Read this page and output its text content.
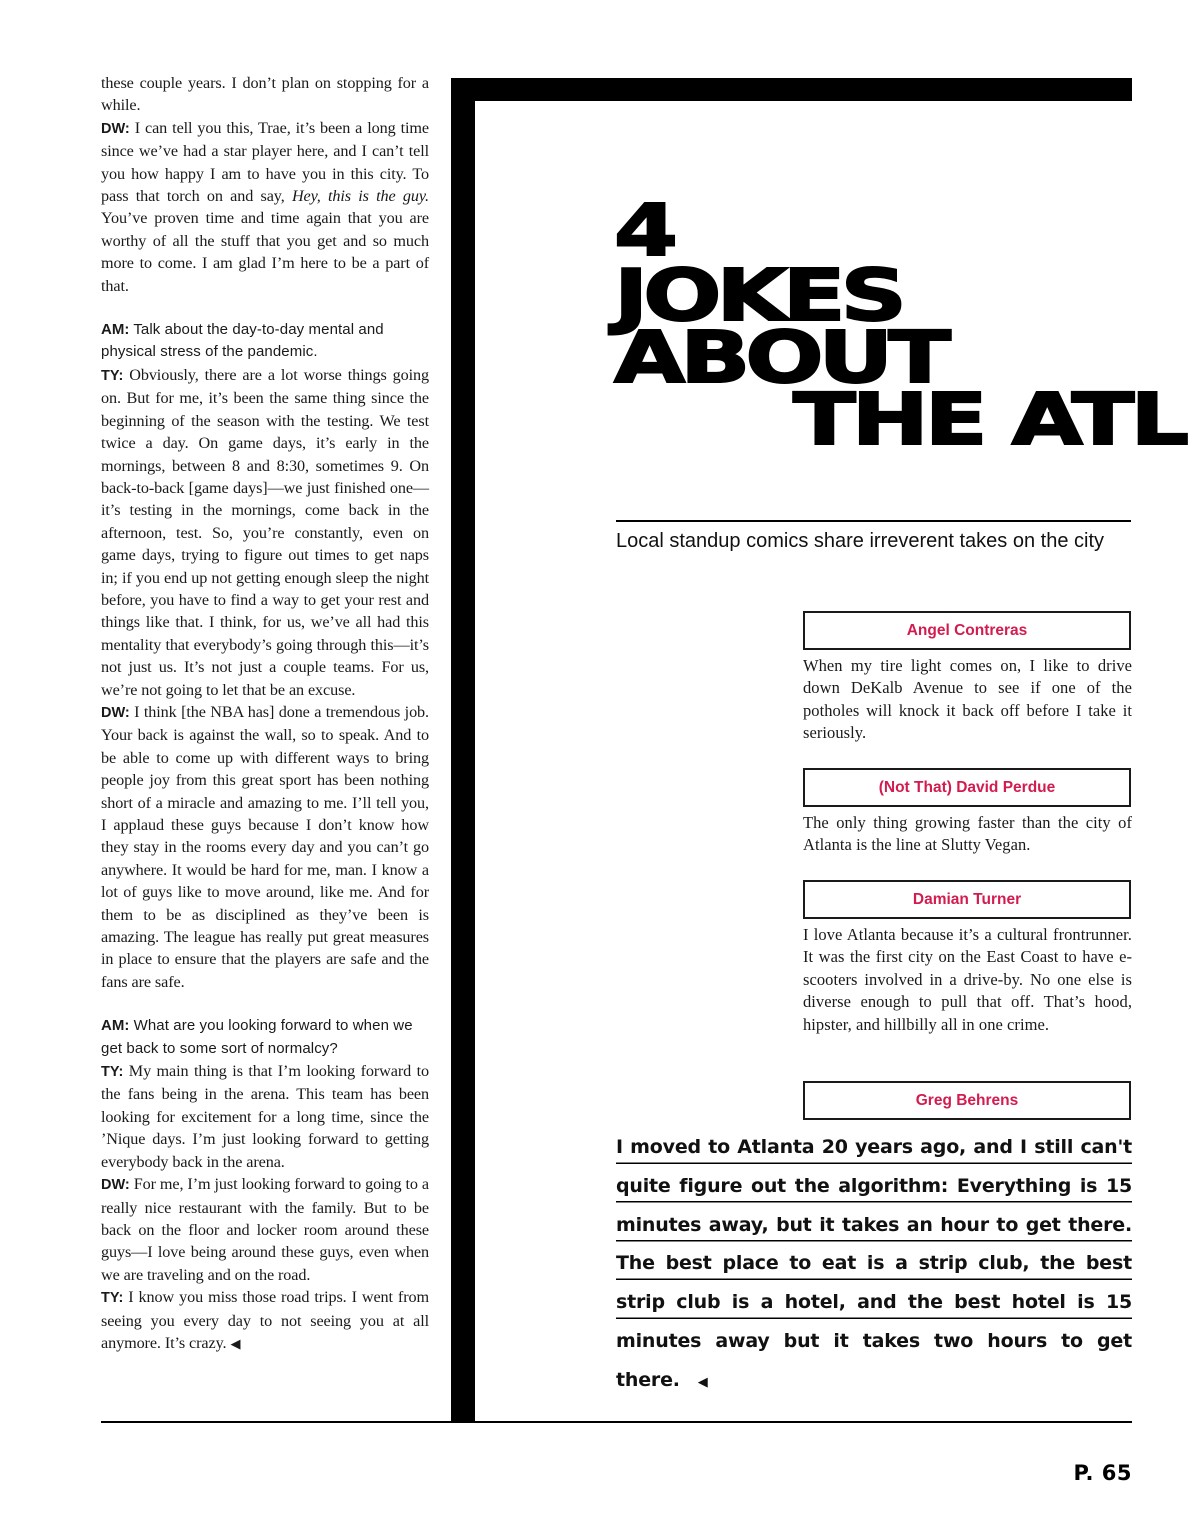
these couple years. I don’t plan on stopping for a while.

DW: I can tell you this, Trae, it’s been a long time since we’ve had a star player here, and I can’t tell you how happy I am to have you in this city. To pass that torch on and say, Hey, this is the guy. You’ve proven time and time again that you are worthy of all the stuff that you get and so much more to come. I am glad I’m here to be a part of that.

AM: Talk about the day-to-day mental and physical stress of the pandemic.

TY: Obviously, there are a lot worse things going on. But for me, it’s been the same thing since the beginning of the season with the testing. We test twice a day. On game days, it’s early in the mornings, between 8 and 8:30, sometimes 9. On back-to-back [game days]—we just finished one—it’s testing in the mornings, come back in the afternoon, test. So, you’re constantly, even on game days, trying to figure out times to get naps in; if you end up not getting enough sleep the night before, you have to find a way to get your rest and things like that. I think, for us, we’ve all had this mentality that everybody’s going through this—it’s not just us. It’s not just a couple teams. For us, we’re not going to let that be an excuse.

DW: I think [the NBA has] done a tremendous job. Your back is against the wall, so to speak. And to be able to come up with different ways to bring people joy from this great sport has been nothing short of a miracle and amazing to me. I’ll tell you, I applaud these guys because I don’t know how they stay in the rooms every day and you can’t go anywhere. It would be hard for me, man. I know a lot of guys like to move around, like me. And for them to be as disciplined as they’ve been is amazing. The league has really put great measures in place to ensure that the players are safe and the fans are safe.

AM: What are you looking forward to when we get back to some sort of normalcy?

TY: My main thing is that I’m looking forward to the fans being in the arena. This team has been looking for excitement for a long time, since the ’Nique days. I’m just looking forward to getting everybody back in the arena.

DW: For me, I’m just looking forward to going to a really nice restaurant with the family. But to be back on the floor and locker room around these guys—I love being around these guys, even when we are traveling and on the road.

TY: I know you miss those road trips. I went from seeing you every day to not seeing you at all anymore. It’s crazy. ◀

4
JOKES
ABOUT
THE ATL
Local standup comics share irreverent takes on the city
Angel Contreras
When my tire light comes on, I like to drive down DeKalb Avenue to see if one of the potholes will knock it back off before I take it seriously.
(Not That) David Perdue
The only thing growing faster than the city of Atlanta is the line at Slutty Vegan.
Damian Turner
I love Atlanta because it’s a cultural frontrunner. It was the first city on the East Coast to have e-scooters involved in a drive-by. No one else is diverse enough to pull that off. That’s hood, hipster, and hillbilly all in one crime.
Greg Behrens
I moved to Atlanta 20 years ago, and I still can't quite figure out the algorithm: Everything is 15 minutes away, but it takes an hour to get there. The best place to eat is a strip club, the best strip club is a hotel, and the best hotel is 15 minutes away but it takes two hours to get there. ◀
P. 65
